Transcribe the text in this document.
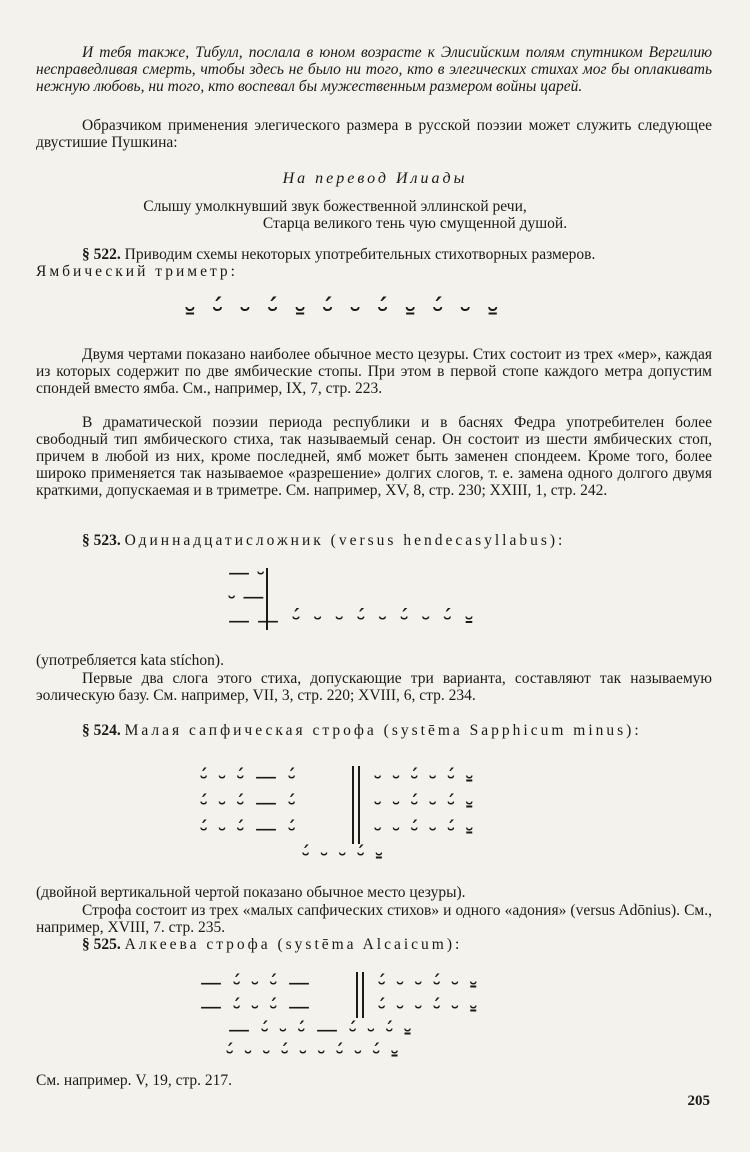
И тебя также, Тибулл, послала в юном возрасте к Элисийским полям спутником Вергилию несправедливая смерть, чтобы здесь не было ни того, кто в элегических стихах мог бы оплакивать нежную любовь, ни того, кто воспевал бы мужественным размером войны царей.

Образчиком применения элегического размера в русской поэзии может служить следующее двустишие Пушкина:

На перевод Илиады

Слышу умолкнувший звук божественной эллинской речи,

Старца великого тень чую смущенной душой.

§ 522. Приводим схемы некоторых употребительных стихотворных размеров.
Ямбический триметр:

⏓ ⏑́ ⏑ ⏑́ ⏓ ⏑́ ⏑ ⏑́ ⏓ ⏑́ ⏑ ⏓

Двумя чертами показано наиболее обычное место цезуры. Стих состоит из трех «мер», каждая из которых содержит по две ямбические стопы. При этом в первой стопе каждого метра допустим спондей вместо ямба. См., например, IX, 7, стр. 223.

В драматической поэзии периода республики и в баснях Федра употребителен более свободный тип ямбического стиха, так называемый сенар. Он состоит из шести ямбических стоп, причем в любой из них, кроме последней, ямб может быть заменен спондеем. Кроме того, более широко применяется так называемое «разрешение» долгих слогов, т. е. замена одного долгого двумя краткими, допускаемая и в триметре. См. например, XV, 8, стр. 230; XXIII, 1, стр. 242.

§ 523. Одиннадцатисложник (versus hendecasyllabus):

— ⏑
⏑ —
— — ⏑́ ⏑ ⏑ ⏑́ ⏑ ⏑́ ⏑ ⏑́ ⏓

(употребляется kata stíchon).

Первые два слога этого стиха, допускающие три варианта, составляют так называемую эолическую базу. См. например, VII, 3, стр. 220; XVIII, 6, стр. 234.

§ 524. Малая сапфическая строфа (systēma Sapphicum minus):

⏑́ ⏑ ⏑́ — ⏑́
⏑́ ⏑ ⏑́ — ⏑́
⏑́ ⏑ ⏑́ — ⏑́
⏑ ⏑ ⏑́ ⏑ ⏑́ ⏓
⏑ ⏑ ⏑́ ⏑ ⏑́ ⏓
⏑ ⏑ ⏑́ ⏑ ⏑́ ⏓
⏑́ ⏑ ⏑ ⏑́ ⏓

(двойной вертикальной чертой показано обычное место цезуры).

Строфа состоит из трех «малых сапфических стихов» и одного «адония» (versus Adōnius). См., например, XVIII, 7. стр. 235.

§ 525. Алкеева строфа (systēma Alcaicum):

— ⏑́ ⏑ ⏑́ —
— ⏑́ ⏑ ⏑́ —
⏑́ ⏑ ⏑ ⏑́ ⏑ ⏓
⏑́ ⏑ ⏑ ⏑́ ⏑ ⏓
— ⏑́ ⏑ ⏑́ — ⏑́ ⏑ ⏑́ ⏓
⏑́ ⏑ ⏑ ⏑́ ⏑ ⏑ ⏑́ ⏑ ⏑́ ⏓

См. например. V, 19, стр. 217.

205
